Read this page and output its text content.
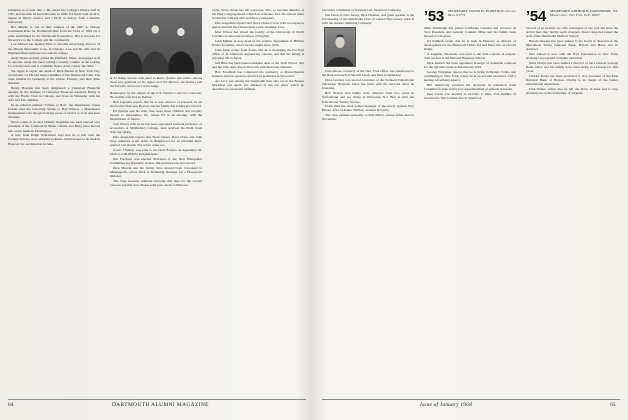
Librarian as of next July 1. He joined the College's library staff in 1951 and became its head librarian in 1960. Ed holds both an M.S. degree in library science and a Ph.D. in history from Columbia University.

Hal Skinner is one of nine winners of the 1967 A. Nelson Gansmann Prize for Dartmouth Men from the Class of 1929 on, a prize established by the Dartmouth Foundation. Hal is honored for his service to the College and the community.

Lou Stinson has headed West to become advertising director of the Illinois Mercantile Corp. in Chicago. Lou and his wife live in Highland Park and have two sons in college.

Andy Dolan recently joined the Pittsfield, Mass., newspaper staff as reporter. Andy has been writing a weekly column on ski touring for several years and is a familiar figure at the county ski clubs.

We regret to report the death of Dick Barnes in New York City on October 14. He had been a member of the Wentworth Club. The class extends its sympathy to his widow, Eleanor, and their three children.

Henry Bawden has been designated a Chartered Financial Analyst by the Institute of Chartered Financial Analysts. Henry is with the Harris Trust in Chicago and lives in Winnetka with his wife and four children.

In an editorial entitled "Tribute to Bob," the Manchester Union Leader paid the following tribute to Bob Wilson, a Manchester businessman who has given many years of service to local and state charities.

Word comes to us that Charles Ziegenfus has been elected vice president of the Connecticut Bank. Charlie and Betty have moved into a new home in Farmington.

A note from Ralph Winchester says that he is still with the Foreign Service, now assigned to Rome. Ralph hopes to be back in Hanover for our Reunion in June.

A '51 skiing reunion took place in Rossi, Quebec last winter. Among those who gathered on the slopes were the Burtons, the Kaisers and the Farrells, shown here at the lodge.

Bankruptcy by the judges of the U.S. District Court for Colorado. He and his wife live in Denver.

Bob Lapointe reports that he is now director of research for an electronics firm near Boston, and the family has settled in Concord.

Ed Weston and his wife, Sue, have three children and recently moved to Alexandria, Va., where Ed is an attorney with the Department of Justice.

Jack Doney tells us he has been appointed assistant professor of economics at Middlebury College. Jack received his Ph.D. from Yale last spring.

Pete Augustine reports that Steve Chase, Dave Orton and John Gray gathered at his home in Ridgewood for an informal mini-reunion last month. The wives came too.

A son, Thomas, was born to the Chris Eichers on September 30. Chris is with IBM in Poughkeepsie.

Jim Forrestal was elected chairman of the New Hampshire Committee for Voluntary Action. Jim practices law in Concord.

Dick Maroni and his family have moved from Cleveland to Minneapolis, where Dick is marketing manager for a Honeywell division.

The class treasurer reminds everyone that dues for the current year are payable now. Please send your check to Hanover.

Chris, Percy Stone has left LaCrosse, Wis., to become minister of the First Congregational Church in Kokomo, Ind. He arrived there in October with his wife and three youngsters.

Pete Augustine reports that Steve Chase is now with Goodyear in Akron and that the Chases have a new daughter, Lisa.

Max Wilson has joined the faculty of the University of North Carolina as associate professor of English.

John Mahler is now head of the science department at Phillips Exeter Academy, where he has taught since 1956.

John Irwin writes from Tokyo that he is managing the Far East office of an American engineering concern, and that his family is enjoying life in Japan.

Jim Bliss has been named assistant dean of the Tuck School. Jim and his wife, Ann, live in Norwich with their four children.

Bob Friedman has completed his residency at Massachusetts General and has opened a practice in pediatrics in Worcester.

Art Lacy was among the Dartmouth men who ran in the Boston Marathon last April. Art finished in the top third, which he describes as a personal triumph.

executive committee of National Life Insurance Company.

Jim Ferris of New Jersey, Dick Haskins, was guest speaker at the fall meeting of the Dartmouth Club of Central New Jersey. Dick is with the Atlantic Refining Company.

John Moore, formerly of the New York office, has transferred to the Boston branch of Merrill Lynch and lives in Wellesley.

Dave Lindsey was elected president of the Vermont Educational Television Network. Dave has been with the network since its founding.

Bob Nelson and family have returned from two years in Switzerland and are living in Princeton, N.J. Bob is with the Educational Testing Service.

Frank Hall has been named manager of the newly opened New Haven office of Paine, Webber, Jackson & Curtis.

The class extends sympathy to Don Miller, whose father died in November.

’53 SECRETARY, DAVID W. FLORENCE, Lincoln, Mass. 01773

Mike Wadsleigh has joined California Canners and Growers as Vice President and General Counsel. Mike and his family have moved to Lafayette.

Ed Kimball writes that he is back in Hanover as director of development for the Hitchcock Clinic. Ed and Mary live on Occom Ridge.

A daughter, Elizabeth, was born to the Tom Carrolls in August. Tom teaches at the Harvard Business School.

Dick Russell has been appointed manager of industrial relations for the Sylvania plant in Manchester, N.H.

George Whittaker reports that he is living in Darien, Conn., and commuting to New York, where he is an account executive with a leading advertising agency.

Bill Armstrong received his doctorate in education from Columbia in June and is now superintendent of schools in Keene.

Paul Curtis was married in October to Miss Joan Phillips of Greenwich. The Curtises live in Stamford.

’54 SECRETARY, ARTHUR B. DAVENPORT, 151 Madison Ave., New York, N.Y. 10017

Several of us recently are only colleagues of one year but since the arrival here they hardly seem strangers. Ross Clapp has joined the staff of the Dartmouth Medical School.

Harold Stevens has been named to the board of directors of the Merrimack Valley National Bank. Harold and Betsy live in Andover.

Don Abbott is now with the Ford Foundation in New York, working on programs in higher education.

Dave Phelps has been named a director of the Lebanon Savings Bank. Dave and his family have been living in Lebanon for five years.

Charles Peters has been promoted to vice president of the First National Bank of Boston. Charlie is in charge of the bank's international department.

Fred Winter writes that he left the Navy in June and is now studying law at the University of Virginia.

64	DARTMOUTH ALUMNI MAGAZINE	Issue of January 1968	65
